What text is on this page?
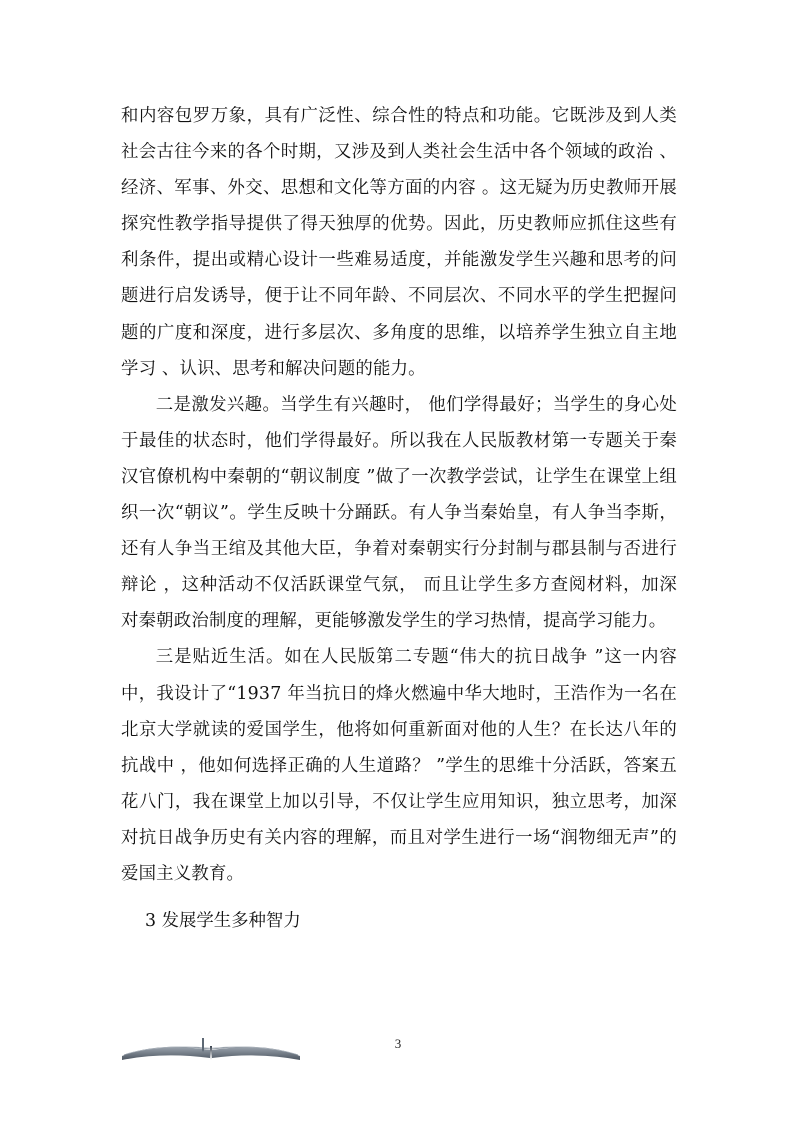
和内容包罗万象，具有广泛性、综合性的特点和功能。它既涉及到人类社会古往今来的各个时期，又涉及到人类社会生活中各个领域的政治 、经济、军事、外交、思想和文化等方面的内容 。这无疑为历史教师开展探究性教学指导提供了得天独厚的优势。因此，历史教师应抓住这些有利条件，提出或精心设计一些难易适度，并能激发学生兴趣和思考的问题进行启发诱导，便于让不同年龄、不同层次、不同水平的学生把握问题的广度和深度，进行多层次、多角度的思维，以培养学生独立自主地学习 、认识、思考和解决问题的能力。

二是激发兴趣。当学生有兴趣时， 他们学得最好；当学生的身心处于最佳的状态时，他们学得最好。所以我在人民版教材第一专题关于秦汉官僚机构中秦朝的“朝议制度 ”做了一次教学尝试，让学生在课堂上组织一次“朝议”。学生反映十分踊跃。有人争当秦始皇，有人争当李斯，还有人争当王绾及其他大臣，争着对秦朝实行分封制与郡县制与否进行辩论 ，这种活动不仅活跃课堂气氛， 而且让学生多方查阅材料，加深对秦朝政治制度的理解，更能够激发学生的学习热情，提高学习能力。

三是贴近生活。如在人民版第二专题“伟大的抗日战争 ”这一内容中，我设计了“1937 年当抗日的烽火燃遍中华大地时，王浩作为一名在北京大学就读的爱国学生，他将如何重新面对他的人生？在长达八年的抗战中 ，他如何选择正确的人生道路？ ”学生的思维十分活跃，答案五花八门，我在课堂上加以引导，不仅让学生应用知识，独立思考，加深对抗日战争历史有关内容的理解，而且对学生进行一场“润物细无声”的爱国主义教育。

3 发展学生多种智力

3
